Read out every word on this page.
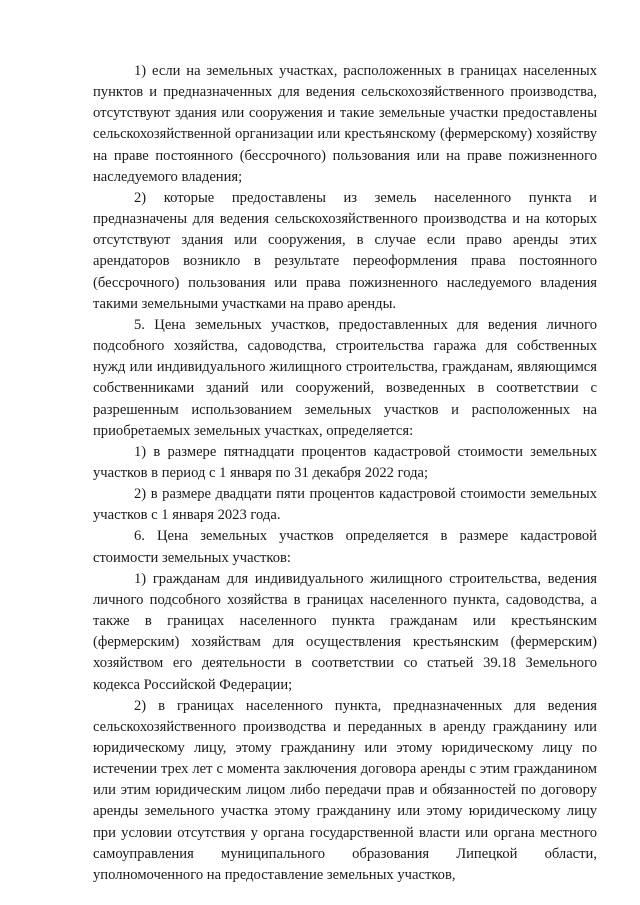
1) если на земельных участках, расположенных в границах населенных пунктов и предназначенных для ведения сельскохозяйственного производства, отсутствуют здания или сооружения и такие земельные участки предоставлены сельскохозяйственной организации или крестьянскому (фермерскому) хозяйству на праве постоянного (бессрочного) пользования или на праве пожизненного наследуемого владения;

2) которые предоставлены из земель населенного пункта и предназначены для ведения сельскохозяйственного производства и на которых отсутствуют здания или сооружения, в случае если право аренды этих арендаторов возникло в результате переоформления права постоянного (бессрочного) пользования или права пожизненного наследуемого владения такими земельными участками на право аренды.

5. Цена земельных участков, предоставленных для ведения личного подсобного хозяйства, садоводства, строительства гаража для собственных нужд или индивидуального жилищного строительства, гражданам, являющимся собственниками зданий или сооружений, возведенных в соответствии с разрешенным использованием земельных участков и расположенных на приобретаемых земельных участках, определяется:

1) в размере пятнадцати процентов кадастровой стоимости земельных участков в период с 1 января по 31 декабря 2022 года;

2) в размере двадцати пяти процентов кадастровой стоимости земельных участков с 1 января 2023 года.

6. Цена земельных участков определяется в размере кадастровой стоимости земельных участков:

1) гражданам для индивидуального жилищного строительства, ведения личного подсобного хозяйства в границах населенного пункта, садоводства, а также в границах населенного пункта гражданам или крестьянским (фермерским) хозяйствам для осуществления крестьянским (фермерским) хозяйством его деятельности в соответствии со статьей 39.18 Земельного кодекса Российской Федерации;

2) в границах населенного пункта, предназначенных для ведения сельскохозяйственного производства и переданных в аренду гражданину или юридическому лицу, этому гражданину или этому юридическому лицу по истечении трех лет с момента заключения договора аренды с этим гражданином или этим юридическим лицом либо передачи прав и обязанностей по договору аренды земельного участка этому гражданину или этому юридическому лицу при условии отсутствия у органа государственной власти или органа местного самоуправления муниципального образования Липецкой области, уполномоченного на предоставление земельных участков,
